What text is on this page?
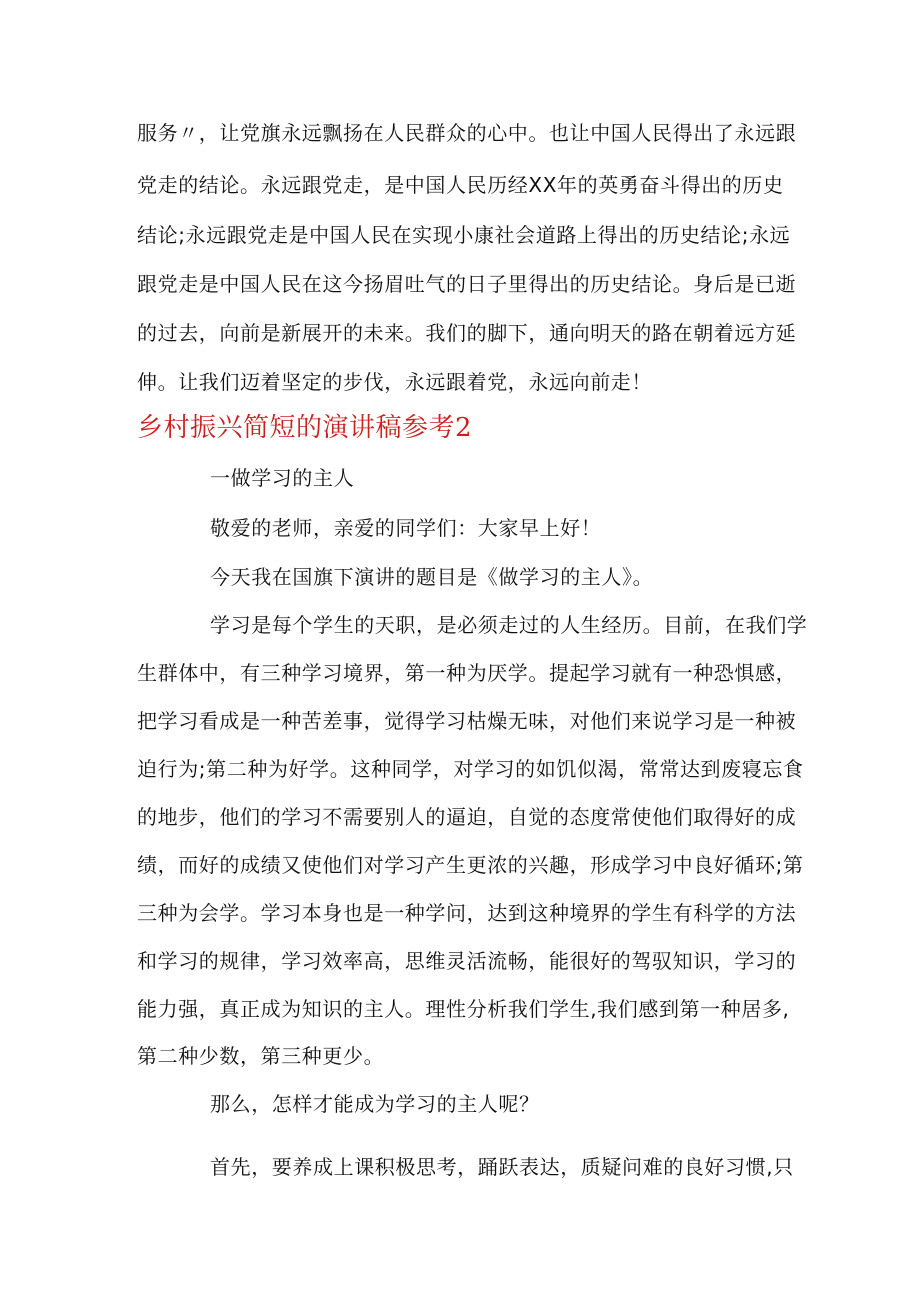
服务〃，让党旗永远飘扬在人民群众的心中。也让中国人民得出了永远跟
党走的结论。永远跟党走，是中国人民历经XX年的英勇奋斗得出的历史
结论;永远跟党走是中国人民在实现小康社会道路上得出的历史结论;永远
跟党走是中国人民在这今扬眉吐气的日子里得出的历史结论。身后是已逝
的过去，向前是新展开的未来。我们的脚下，通向明天的路在朝着远方延
伸。让我们迈着坚定的步伐，永远跟着党，永远向前走！
乡村振兴简短的演讲稿参考2
一做学习的主人
敬爱的老师，亲爱的同学们：大家早上好！
今天我在国旗下演讲的题目是《做学习的主人》。
学习是每个学生的天职，是必须走过的人生经历。目前，在我们学
生群体中，有三种学习境界，第一种为厌学。提起学习就有一种恐惧感，
把学习看成是一种苦差事，觉得学习枯燥无味，对他们来说学习是一种被
迫行为;第二种为好学。这种同学，对学习的如饥似渴，常常达到废寝忘食
的地步，他们的学习不需要别人的逼迫，自觉的态度常使他们取得好的成
绩，而好的成绩又使他们对学习产生更浓的兴趣，形成学习中良好循环;第
三种为会学。学习本身也是一种学问，达到这种境界的学生有科学的方法
和学习的规律，学习效率高，思维灵活流畅，能很好的驾驭知识，学习的
能力强，真正成为知识的主人。理性分析我们学生,我们感到第一种居多,
第二种少数，第三种更少。
那么，怎样才能成为学习的主人呢？
首先，要养成上课积极思考，踊跃表达，质疑问难的良好习惯,只
